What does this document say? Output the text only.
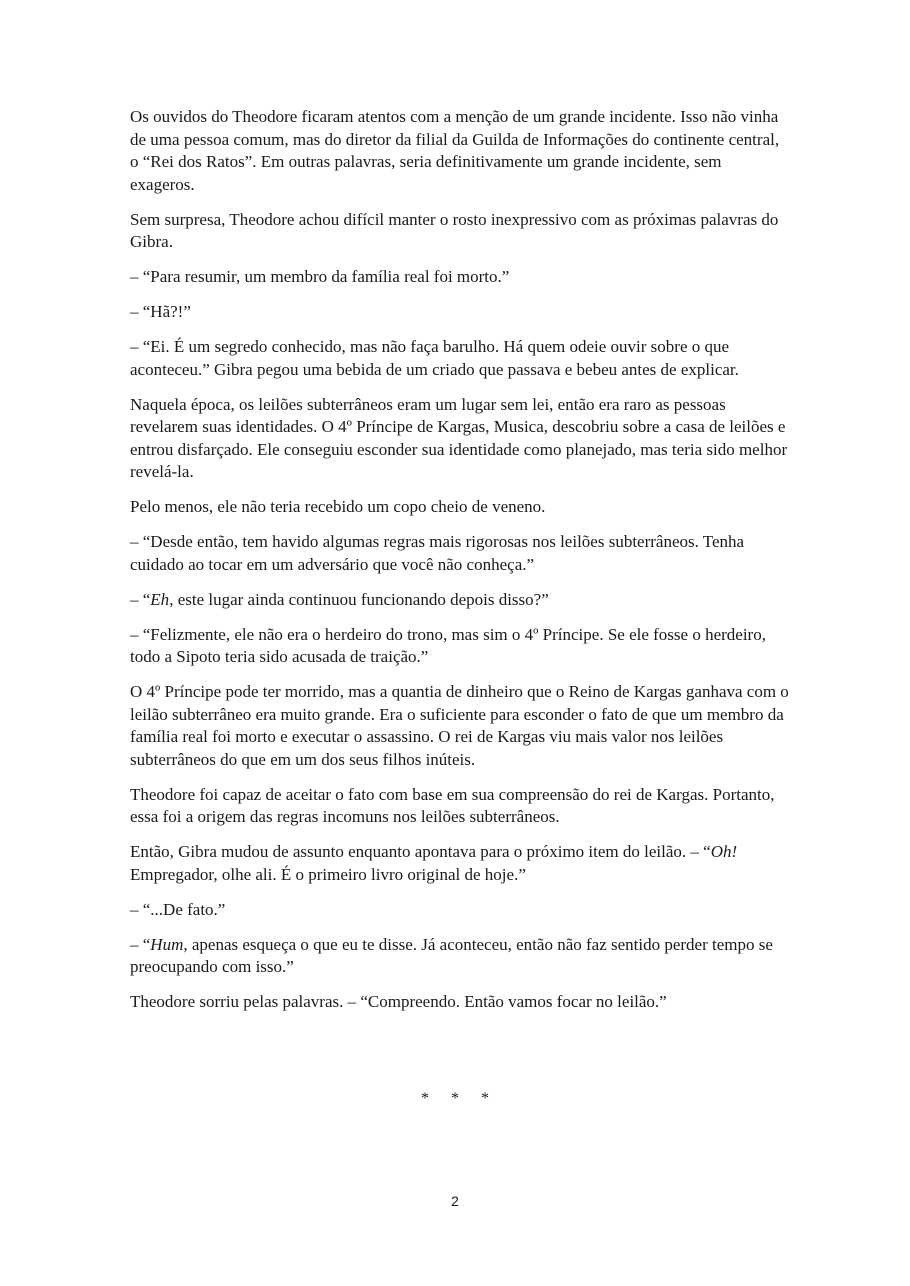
Os ouvidos do Theodore ficaram atentos com a menção de um grande incidente. Isso não vinha de uma pessoa comum, mas do diretor da filial da Guilda de Informações do continente central, o “Rei dos Ratos”. Em outras palavras, seria definitivamente um grande incidente, sem exageros.

Sem surpresa, Theodore achou difícil manter o rosto inexpressivo com as próximas palavras do Gibra.

– “Para resumir, um membro da família real foi morto.”

– “Hã?!”

– “Ei. É um segredo conhecido, mas não faça barulho. Há quem odeie ouvir sobre o que aconteceu.” Gibra pegou uma bebida de um criado que passava e bebeu antes de explicar.

Naquela época, os leilões subterrâneos eram um lugar sem lei, então era raro as pessoas revelarem suas identidades. O 4º Príncipe de Kargas, Musica, descobriu sobre a casa de leilões e entrou disfarçado. Ele conseguiu esconder sua identidade como planejado, mas teria sido melhor revelá-la.

Pelo menos, ele não teria recebido um copo cheio de veneno.

– “Desde então, tem havido algumas regras mais rigorosas nos leilões subterrâneos. Tenha cuidado ao tocar em um adversário que você não conheça.”

– “Eh, este lugar ainda continuou funcionando depois disso?”

– “Felizmente, ele não era o herdeiro do trono, mas sim o 4º Príncipe. Se ele fosse o herdeiro, todo a Sipoto teria sido acusada de traição.”

O 4º Príncipe pode ter morrido, mas a quantia de dinheiro que o Reino de Kargas ganhava com o leilão subterrâneo era muito grande. Era o suficiente para esconder o fato de que um membro da família real foi morto e executar o assassino. O rei de Kargas viu mais valor nos leilões subterrâneos do que em um dos seus filhos inúteis.

Theodore foi capaz de aceitar o fato com base em sua compreensão do rei de Kargas. Portanto, essa foi a origem das regras incomuns nos leilões subterrâneos.

Então, Gibra mudou de assunto enquanto apontava para o próximo item do leilão. – “Oh! Empregador, olhe ali. É o primeiro livro original de hoje.”

– “...De fato.”

– “Hum, apenas esqueça o que eu te disse. Já aconteceu, então não faz sentido perder tempo se preocupando com isso.”

Theodore sorriu pelas palavras. – “Compreendo. Então vamos focar no leilão.”

* * *
2
